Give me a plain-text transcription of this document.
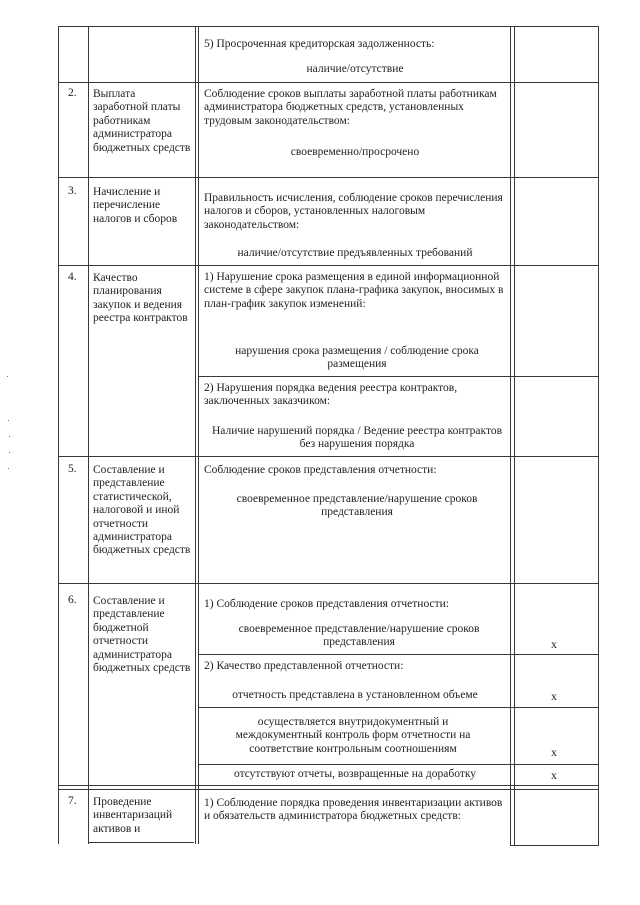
5) Просроченная кредиторская задолженность:
наличие/отсутствие
2. Выплата заработной платы работникам администратора бюджетных средств
Соблюдение сроков выплаты заработной платы работникам администратора бюджетных средств, установленных трудовым законодательством:
своевременно/просрочено
3. Начисление и перечисление налогов и сборов
Правильность исчисления, соблюдение сроков перечисления налогов и сборов, установленных налоговым законодательством:
наличие/отсутствие предъявленных требований
4. Качество планирования закупок и ведения реестра контрактов
1) Нарушение срока размещения в единой информационной системе в сфере закупок плана-графика закупок, вносимых в план-график закупок изменений:
нарушения срока размещения / соблюдение срока размещения
2) Нарушения порядка ведения реестра контрактов, заключенных заказчиком:
Наличие нарушений порядка / Ведение реестра контрактов без нарушения порядка
5. Составление и представление статистической, налоговой и иной отчетности администратора бюджетных средств
Соблюдение сроков представления отчетности:
своевременное представление/нарушение сроков представления
6. Составление и представление бюджетной отчетности администратора бюджетных средств
1) Соблюдение сроков представления отчетности:
своевременное представление/нарушение сроков представления	x
2) Качество представленной отчетности:
отчетность представлена в установленном объеме	x
осуществляется внутридокументный и междокументный контроль форм отчетности на соответствие контрольным соотношениям	x
отсутствуют отчеты, возвращенные на доработку	x
7. Проведение инвентаризаций активов и
1) Соблюдение порядка проведения инвентаризации активов и обязательств администратора бюджетных средств:
